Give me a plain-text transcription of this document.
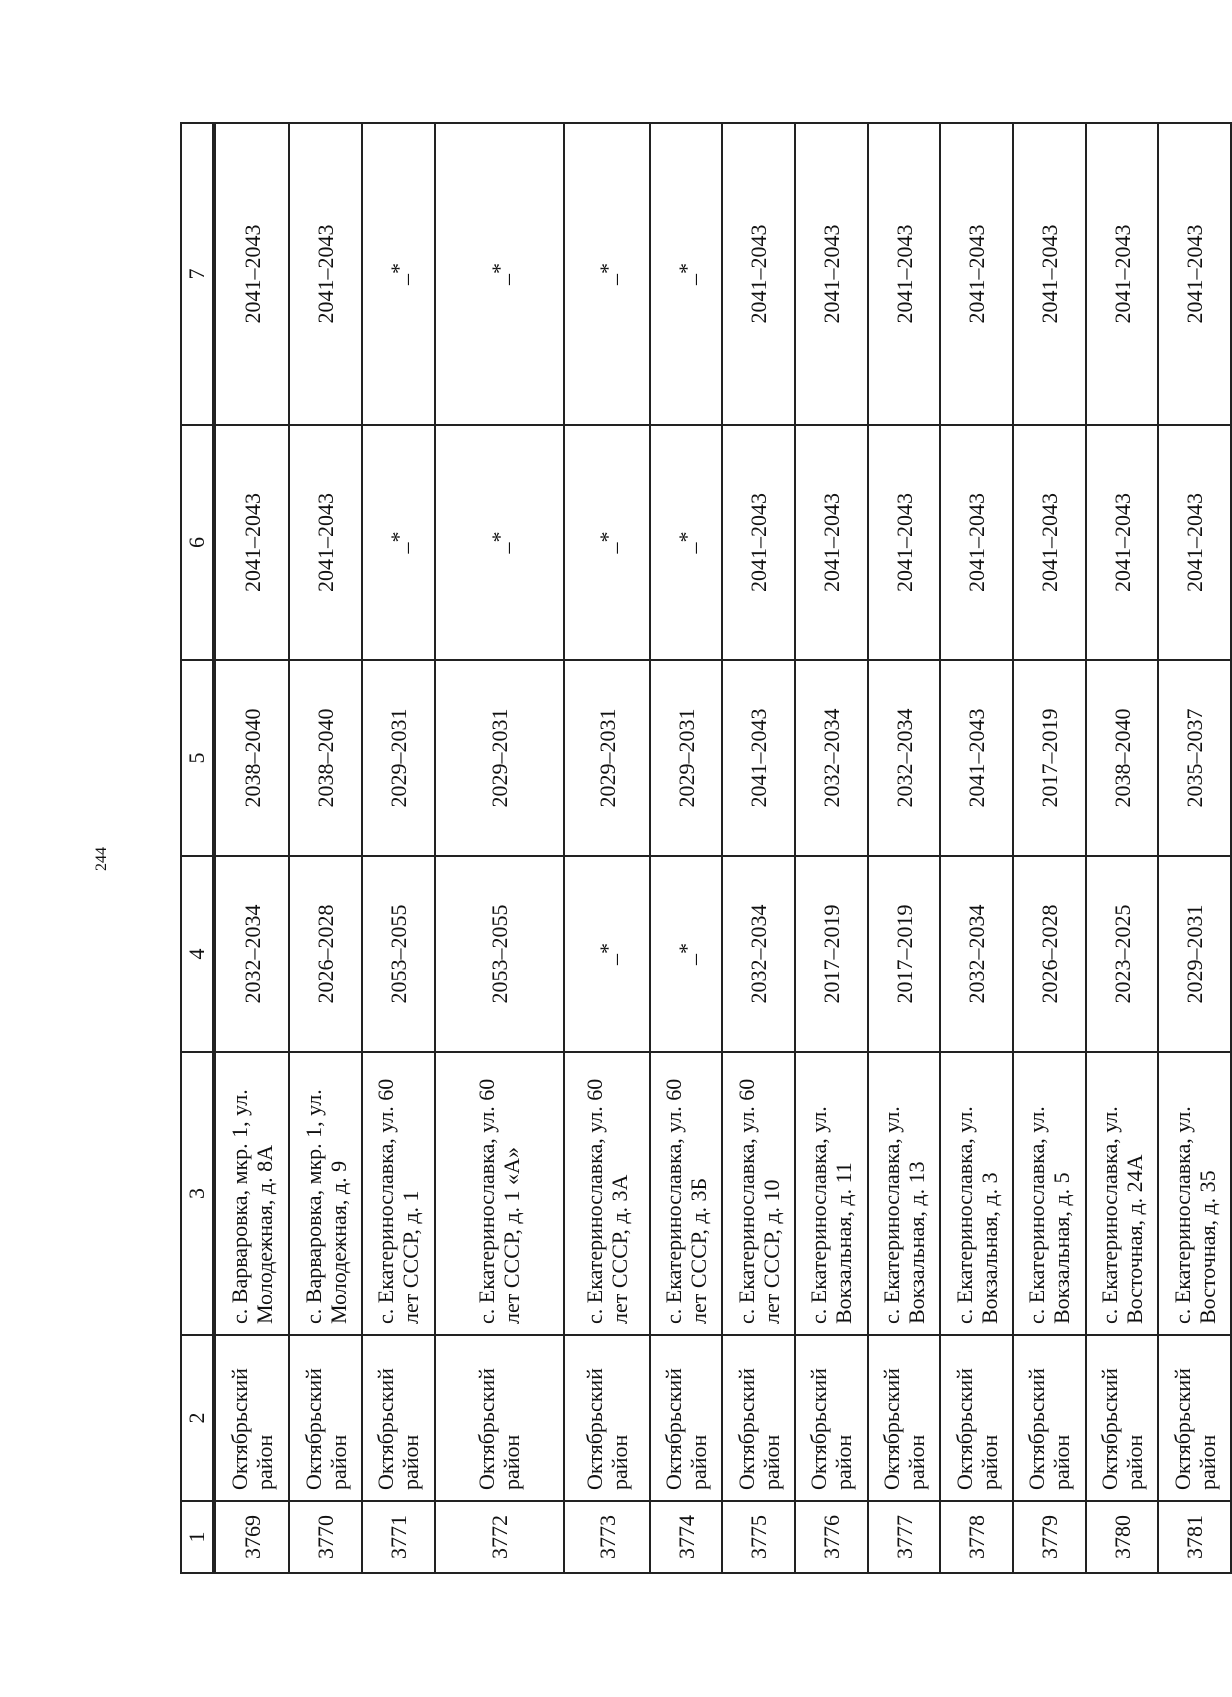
244
1	2	3	4	5	6	7
3769	Октябрьский район	с. Варваровка, мкр. 1, ул. Молодежная, д. 8А	2032–2034	2038–2040	2041–2043	2041–2043
3770	Октябрьский район	с. Варваровка, мкр. 1, ул. Молодежная, д. 9	2026–2028	2038–2040	2041–2043	2041–2043
3771	Октябрьский район	с. Екатеринославка, ул. 60 лет СССР, д. 1	2053–2055	2029–2031	_*	_*
3772	Октябрьский район	с. Екатеринославка, ул. 60 лет СССР, д. 1 «А»	2053–2055	2029–2031	_*	_*
3773	Октябрьский район	с. Екатеринославка, ул. 60 лет СССР, д. 3А	_*	2029–2031	_*	_*
3774	Октябрьский район	с. Екатеринославка, ул. 60 лет СССР, д. 3Б	_*	2029–2031	_*	_*
3775	Октябрьский район	с. Екатеринославка, ул. 60 лет СССР, д. 10	2032–2034	2041–2043	2041–2043	2041–2043
3776	Октябрьский район	с. Екатеринославка, ул. Вокзальная, д. 11	2017–2019	2032–2034	2041–2043	2041–2043
3777	Октябрьский район	с. Екатеринославка, ул. Вокзальная, д. 13	2017–2019	2032–2034	2041–2043	2041–2043
3778	Октябрьский район	с. Екатеринославка, ул. Вокзальная, д. 3	2032–2034	2041–2043	2041–2043	2041–2043
3779	Октябрьский район	с. Екатеринославка, ул. Вокзальная, д. 5	2026–2028	2017–2019	2041–2043	2041–2043
3780	Октябрьский район	с. Екатеринославка, ул. Восточная, д. 24А	2023–2025	2038–2040	2041–2043	2041–2043
3781	Октябрьский район	с. Екатеринославка, ул. Восточная, д. 35	2029–2031	2035–2037	2041–2043	2041–2043
